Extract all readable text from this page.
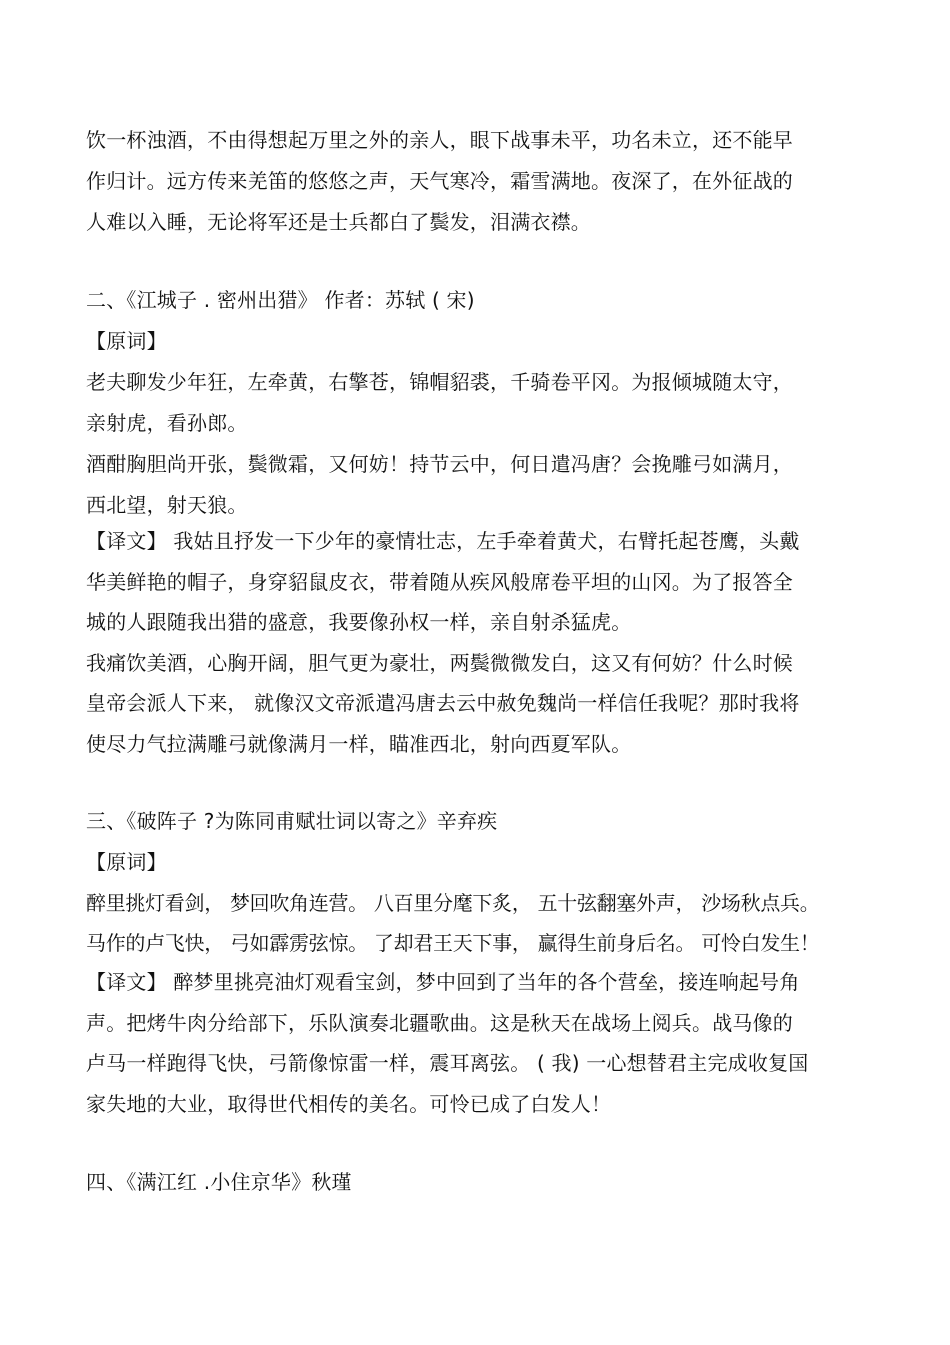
饮一杯浊酒，不由得想起万里之外的亲人，眼下战事未平，功名未立，还不能早
作归计。远方传来羌笛的悠悠之声，天气寒冷，霜雪满地。夜深了，在外征战的
人难以入睡，无论将军还是士兵都白了鬓发，泪满衣襟。
二、《江城子 . 密州出猎》 作者：苏轼 ( 宋)
【原词】
老夫聊发少年狂，左牵黄，右擎苍，锦帽貂裘，千骑卷平冈。为报倾城随太守，
亲射虎，看孙郎。
酒酣胸胆尚开张，鬓微霜，又何妨！持节云中，何日遣冯唐？会挽雕弓如满月，
西北望，射天狼。
【译文】 我姑且抒发一下少年的豪情壮志，左手牵着黄犬，右臂托起苍鹰，头戴
华美鲜艳的帽子，身穿貂鼠皮衣，带着随从疾风般席卷平坦的山冈。为了报答全
城的人跟随我出猎的盛意，我要像孙权一样，亲自射杀猛虎。
我痛饮美酒，心胸开阔，胆气更为豪壮，两鬓微微发白，这又有何妨？什么时候
皇帝会派人下来， 就像汉文帝派遣冯唐去云中赦免魏尚一样信任我呢？那时我将
使尽力气拉满雕弓就像满月一样，瞄准西北，射向西夏军队。
三、《破阵子 ?为陈同甫赋壮词以寄之》辛弃疾
【原词】
醉里挑灯看剑， 梦回吹角连营。 八百里分麾下炙， 五十弦翻塞外声， 沙场秋点兵。
马作的卢飞快， 弓如霹雳弦惊。 了却君王天下事， 赢得生前身后名。 可怜白发生！
【译文】 醉梦里挑亮油灯观看宝剑，梦中回到了当年的各个营垒，接连响起号角
声。把烤牛肉分给部下，乐队演奏北疆歌曲。这是秋天在战场上阅兵。战马像的
卢马一样跑得飞快，弓箭像惊雷一样，震耳离弦。 ( 我) 一心想替君主完成收复国
家失地的大业，取得世代相传的美名。可怜已成了白发人！
四、《满江红 .小住京华》秋瑾
